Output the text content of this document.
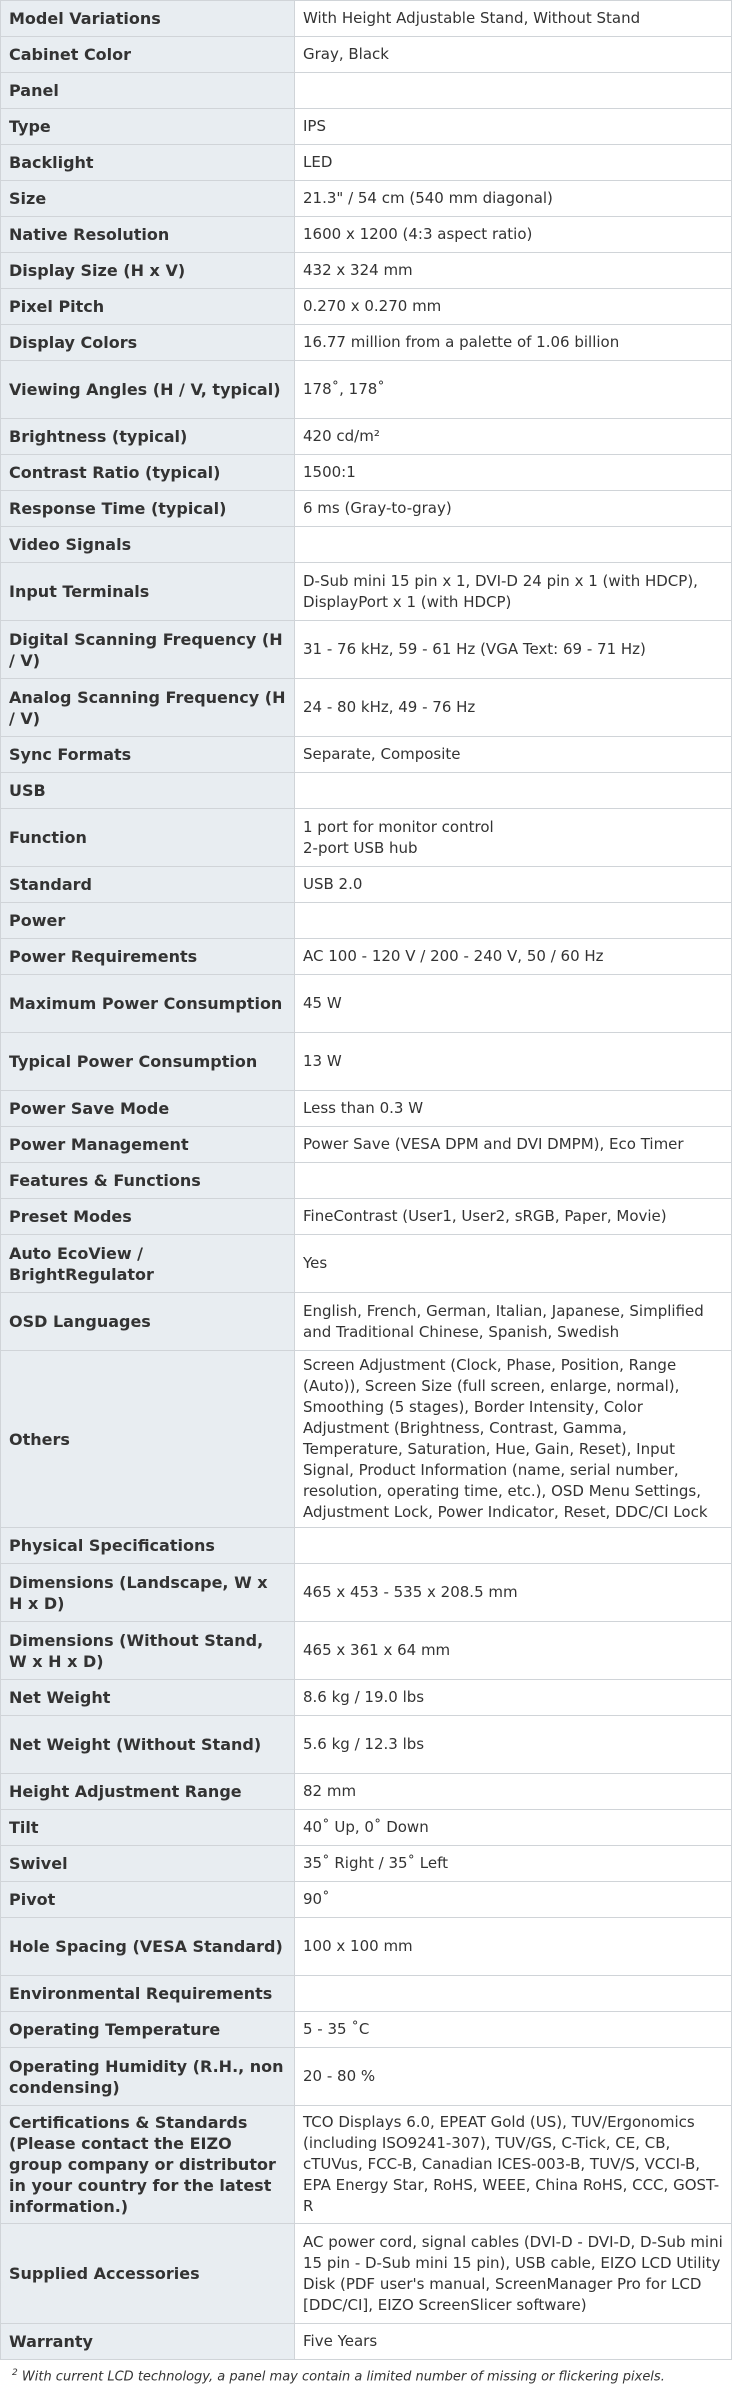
Model Variations	With Height Adjustable Stand, Without Stand
Cabinet Color	Gray, Black
Panel	
Type	IPS
Backlight	LED
Size	21.3" / 54 cm (540 mm diagonal)
Native Resolution	1600 x 1200 (4:3 aspect ratio)
Display Size (H x V)	432 x 324 mm
Pixel Pitch	0.270 x 0.270 mm
Display Colors	16.77 million from a palette of 1.06 billion
Viewing Angles (H / V, typical)	178˚, 178˚
Brightness (typical)	420 cd/m²
Contrast Ratio (typical)	1500:1
Response Time (typical)	6 ms (Gray-to-gray)
Video Signals	
Input Terminals	D-Sub mini 15 pin x 1, DVI-D 24 pin x 1 (with HDCP), DisplayPort x 1 (with HDCP)
Digital Scanning Frequency (H / V)	31 - 76 kHz, 59 - 61 Hz (VGA Text: 69 - 71 Hz)
Analog Scanning Frequency (H / V)	24 - 80 kHz, 49 - 76 Hz
Sync Formats	Separate, Composite
USB	
Function	1 port for monitor control
2-port USB hub
Standard	USB 2.0
Power	
Power Requirements	AC 100 - 120 V / 200 - 240 V, 50 / 60 Hz
Maximum Power Consumption	45 W
Typical Power Consumption	13 W
Power Save Mode	Less than 0.3 W
Power Management	Power Save (VESA DPM and DVI DMPM), Eco Timer
Features & Functions	
Preset Modes	FineContrast (User1, User2, sRGB, Paper, Movie)
Auto EcoView / BrightRegulator	Yes
OSD Languages	English, French, German, Italian, Japanese, Simplified and Traditional Chinese, Spanish, Swedish
Others	Screen Adjustment (Clock, Phase, Position, Range (Auto)), Screen Size (full screen, enlarge, normal), Smoothing (5 stages), Border Intensity, Color Adjustment (Brightness, Contrast, Gamma, Temperature, Saturation, Hue, Gain, Reset), Input Signal, Product Information (name, serial number, resolution, operating time, etc.), OSD Menu Settings, Adjustment Lock, Power Indicator, Reset, DDC/CI Lock
Physical Specifications	
Dimensions (Landscape, W x H x D)	465 x 453 - 535 x 208.5 mm
Dimensions (Without Stand, W x H x D)	465 x 361 x 64 mm
Net Weight	8.6 kg / 19.0 lbs
Net Weight (Without Stand)	5.6 kg / 12.3 lbs
Height Adjustment Range	82 mm
Tilt	40˚ Up, 0˚ Down
Swivel	35˚ Right / 35˚ Left
Pivot	90˚
Hole Spacing (VESA Standard)	100 x 100 mm
Environmental Requirements	
Operating Temperature	5 - 35 ˚C
Operating Humidity (R.H., non condensing)	20 - 80 %
Certifications & Standards (Please contact the EIZO group company or distributor in your country for the latest information.)	TCO Displays 6.0, EPEAT Gold (US), TUV/Ergonomics (including ISO9241-307), TUV/GS, C-Tick, CE, CB, cTUVus, FCC-B, Canadian ICES-003-B, TUV/S, VCCI-B, EPA Energy Star, RoHS, WEEE, China RoHS, CCC, GOST-R
Supplied Accessories	AC power cord, signal cables (DVI-D - DVI-D, D-Sub mini 15 pin - D-Sub mini 15 pin), USB cable, EIZO LCD Utility Disk (PDF user's manual, ScreenManager Pro for LCD [DDC/CI], EIZO ScreenSlicer software)
Warranty	Five Years
$^2$ With current LCD technology, a panel may contain a limited number of missing or flickering pixels.
